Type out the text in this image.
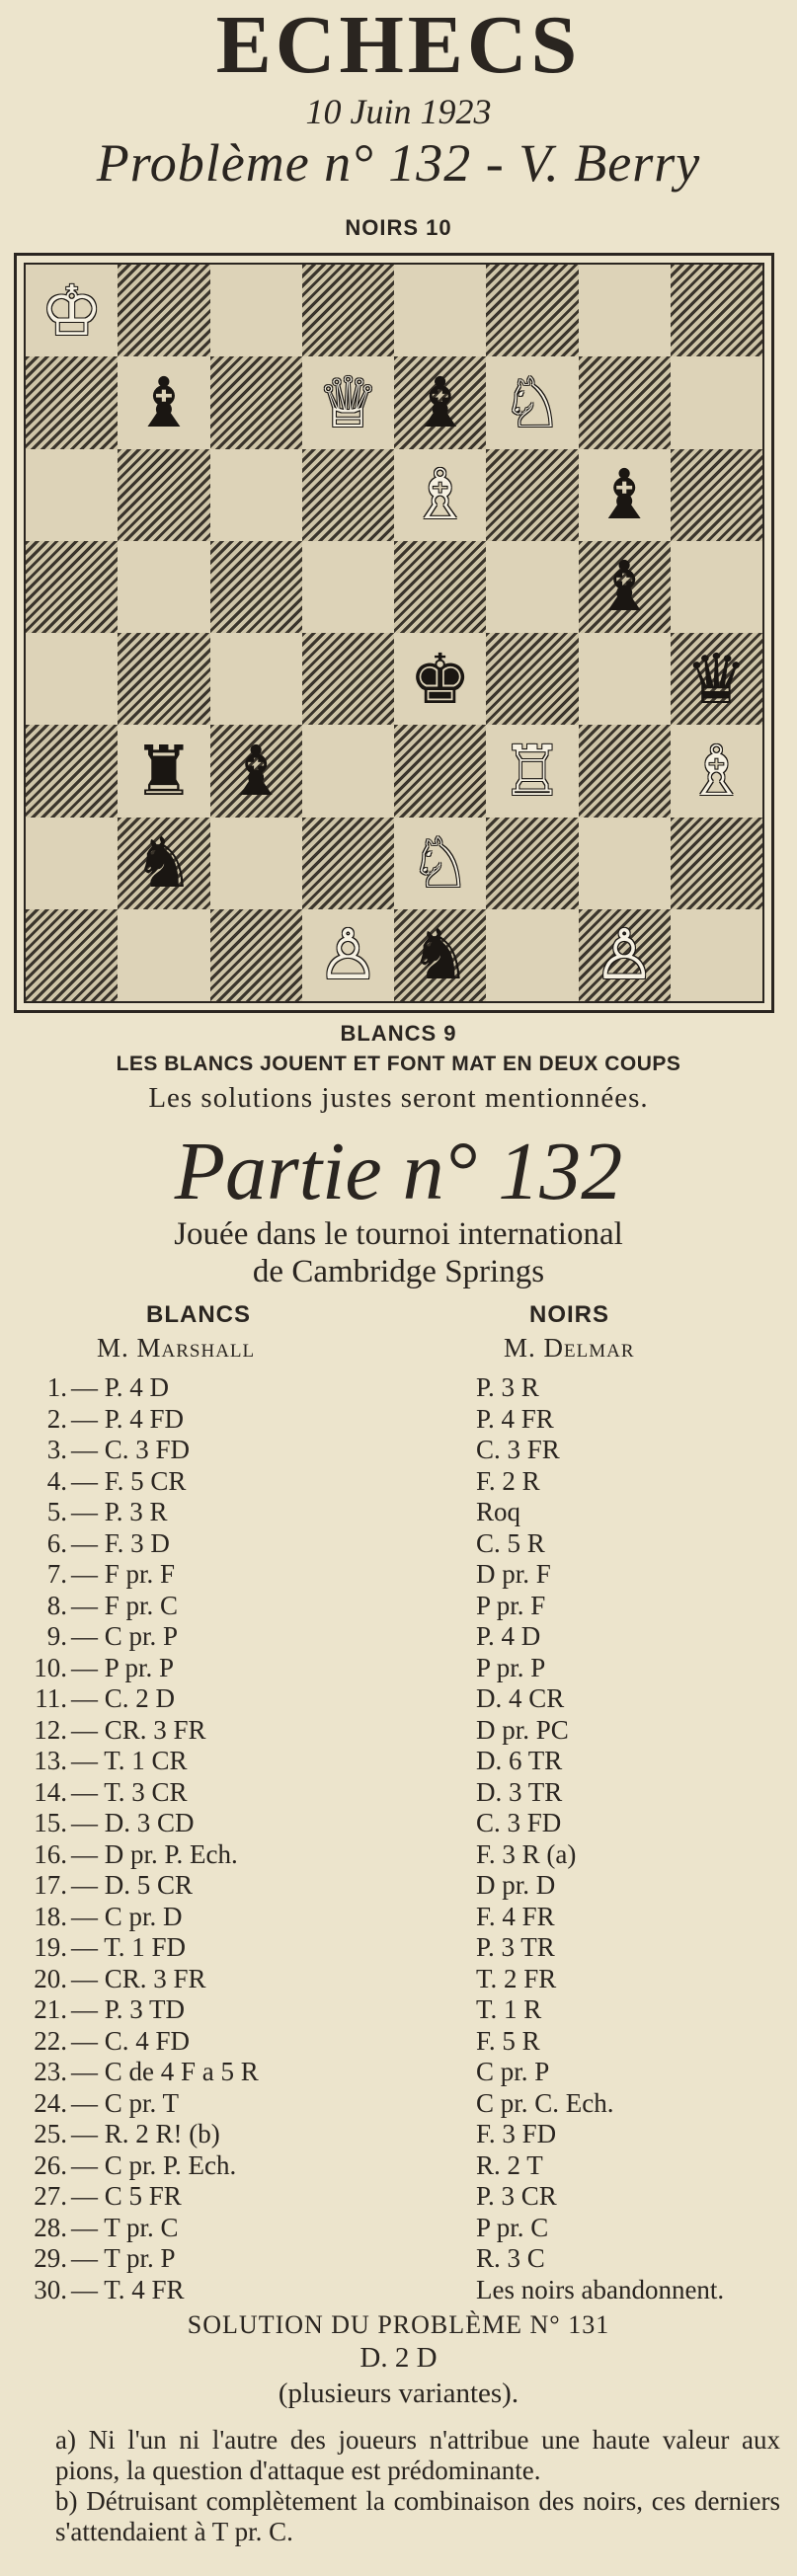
ECHECS
10 Juin 1923
Problème n° 132 - V. Berry
NOIRS 10
♔
♝ ♕ ♝ ♘
♗ ♝
♝
♚	♛
♜ ♝	♖ ♗
♞	♘
♙ ♞ ♙
BLANCS 9
LES BLANCS JOUENT ET FONT MAT EN DEUX COUPS
Les solutions justes seront mentionnées.
Partie n° 132
Jouée dans le tournoi international
de Cambridge Springs
BLANCS	NOIRS
M. Marshall	M. Delmar
1. — P. 4 D	P. 3 R
2. — P. 4 FD	P. 4 FR
3. — C. 3 FD	C. 3 FR
4. — F. 5 CR	F. 2 R
5. — P. 3 R	Roq
6. — F. 3 D	C. 5 R
7. — F pr. F	D pr. F
8. — F pr. C	P pr. F
9. — C pr. P	P. 4 D
10. — P pr. P	P pr. P
11. — C. 2 D	D. 4 CR
12. — CR. 3 FR	D pr. PC
13. — T. 1 CR	D. 6 TR
14. — T. 3 CR	D. 3 TR
15. — D. 3 CD	C. 3 FD
16. — D pr. P. Ech.	F. 3 R (a)
17. — D. 5 CR	D pr. D
18. — C pr. D	F. 4 FR
19. — T. 1 FD	P. 3 TR
20. — CR. 3 FR	T. 2 FR
21. — P. 3 TD	T. 1 R
22. — C. 4 FD	F. 5 R
23. — C de 4 F a 5 R	C pr. P
24. — C pr. T	C pr. C. Ech.
25. — R. 2 R! (b)	F. 3 FD
26. — C pr. P. Ech.	R. 2 T
27. — C 5 FR	P. 3 CR
28. — T pr. C	P pr. C
29. — T pr. P	R. 3 C
30. — T. 4 FR	Les noirs abandonnent.
SOLUTION DU PROBLÈME N° 131
D. 2 D
(plusieurs variantes).

a) Ni l'un ni l'autre des joueurs n'attribue une haute valeur aux pions, la question d'attaque est prédominante.

b) Détruisant complètement la combinaison des noirs, ces derniers s'attendaient à T pr. C.
